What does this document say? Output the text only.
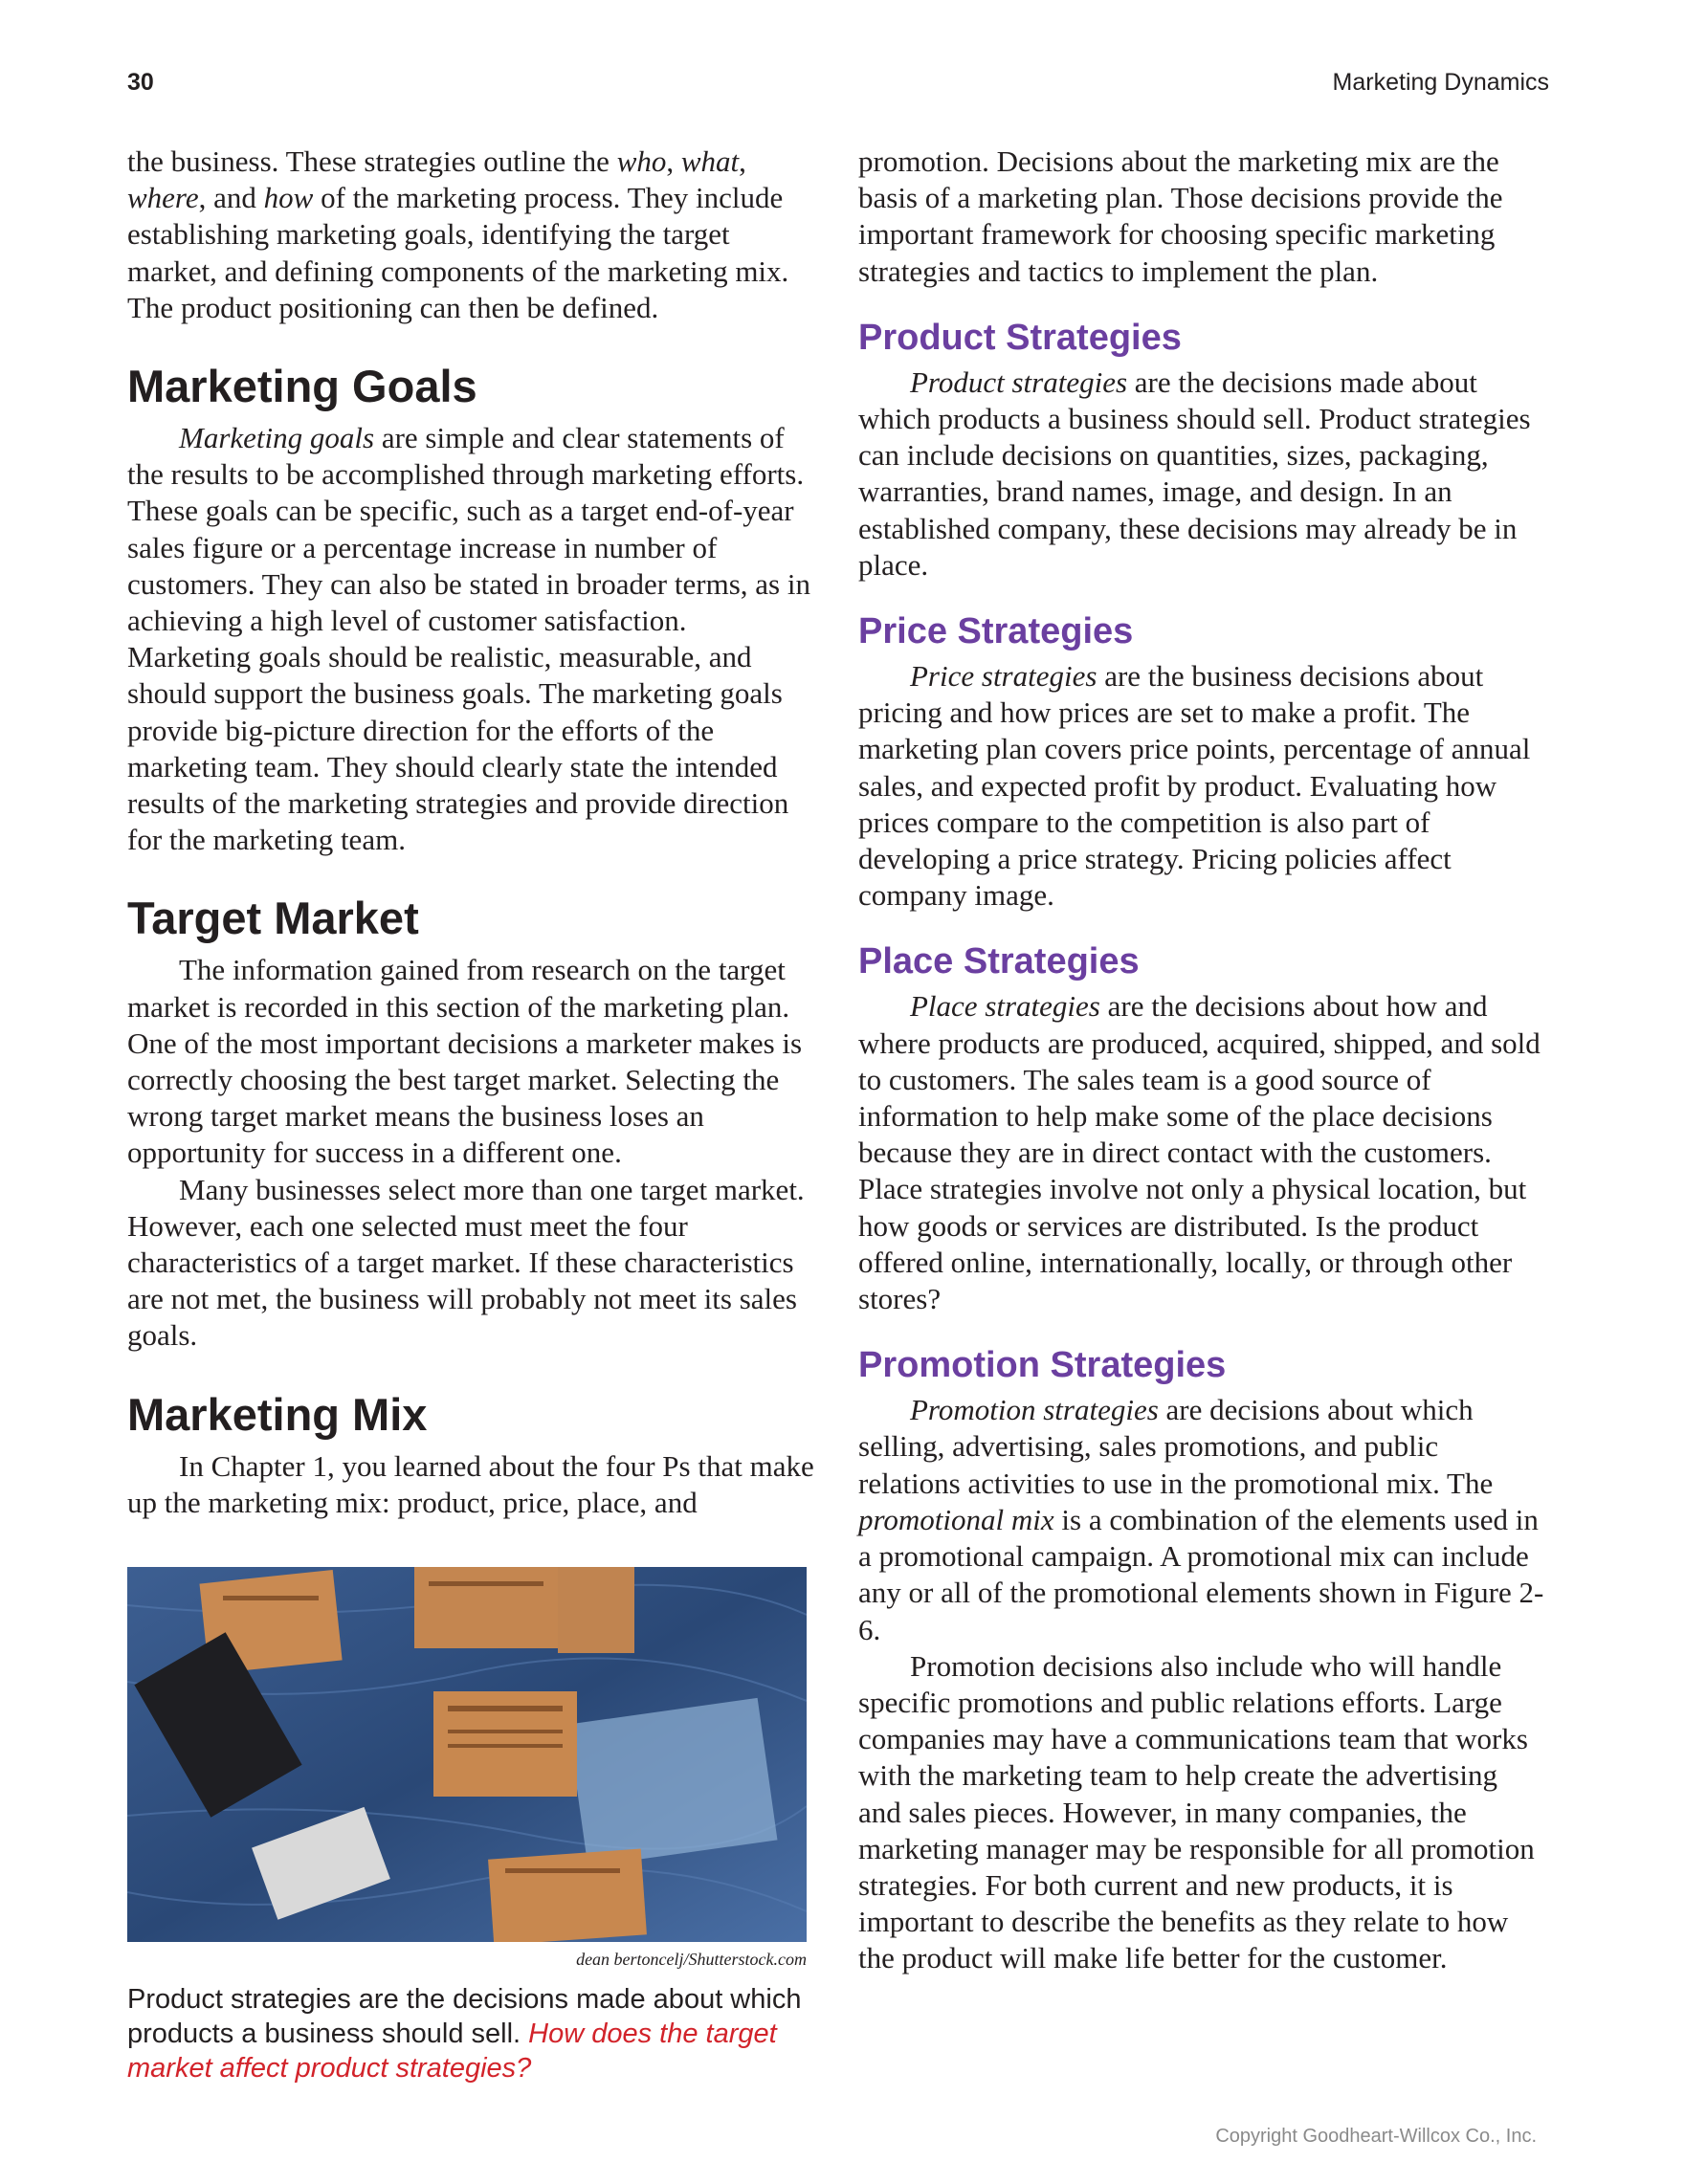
30	Marketing Dynamics

the business. These strategies outline the who, what, where, and how of the marketing process. They include establishing marketing goals, identifying the target market, and defining components of the marketing mix. The product positioning can then be defined.

Marketing Goals

Marketing goals are simple and clear statements of the results to be accomplished through marketing efforts. These goals can be specific, such as a target end-of-year sales figure or a percentage increase in number of customers. They can also be stated in broader terms, as in achieving a high level of customer satisfaction. Marketing goals should be realistic, measurable, and should support the business goals. The marketing goals provide big-picture direction for the efforts of the marketing team. They should clearly state the intended results of the marketing strategies and provide direction for the marketing team.

Target Market

The information gained from research on the target market is recorded in this section of the marketing plan. One of the most important decisions a marketer makes is correctly choosing the best target market. Selecting the wrong target market means the business loses an opportunity for success in a different one.

Many businesses select more than one target market. However, each one selected must meet the four characteristics of a target market. If these characteristics are not met, the business will probably not meet its sales goals.

Marketing Mix

In Chapter 1, you learned about the four Ps that make up the marketing mix: product, price, place, and

dean bertoncelj/Shutterstock.com
Product strategies are the decisions made about which products a business should sell. How does the target market affect product strategies?

promotion. Decisions about the marketing mix are the basis of a marketing plan. Those decisions provide the important framework for choosing specific marketing strategies and tactics to implement the plan.

Product Strategies

Product strategies are the decisions made about which products a business should sell. Product strategies can include decisions on quantities, sizes, packaging, warranties, brand names, image, and design. In an established company, these decisions may already be in place.

Price Strategies

Price strategies are the business decisions about pricing and how prices are set to make a profit. The marketing plan covers price points, percentage of annual sales, and expected profit by product. Evaluating how prices compare to the competition is also part of developing a price strategy. Pricing policies affect company image.

Place Strategies

Place strategies are the decisions about how and where products are produced, acquired, shipped, and sold to customers. The sales team is a good source of information to help make some of the place decisions because they are in direct contact with the customers. Place strategies involve not only a physical location, but how goods or services are distributed. Is the product offered online, internationally, locally, or through other stores?

Promotion Strategies

Promotion strategies are decisions about which selling, advertising, sales promotions, and public relations activities to use in the promotional mix. The promotional mix is a combination of the elements used in a promotional campaign. A promotional mix can include any or all of the promotional elements shown in Figure 2-6.

Promotion decisions also include who will handle specific promotions and public relations efforts. Large companies may have a communications team that works with the marketing team to help create the advertising and sales pieces. However, in many companies, the marketing manager may be responsible for all promotion strategies. For both current and new products, it is important to describe the benefits as they relate to how the product will make life better for the customer.

Copyright Goodheart-Willcox Co., Inc.
